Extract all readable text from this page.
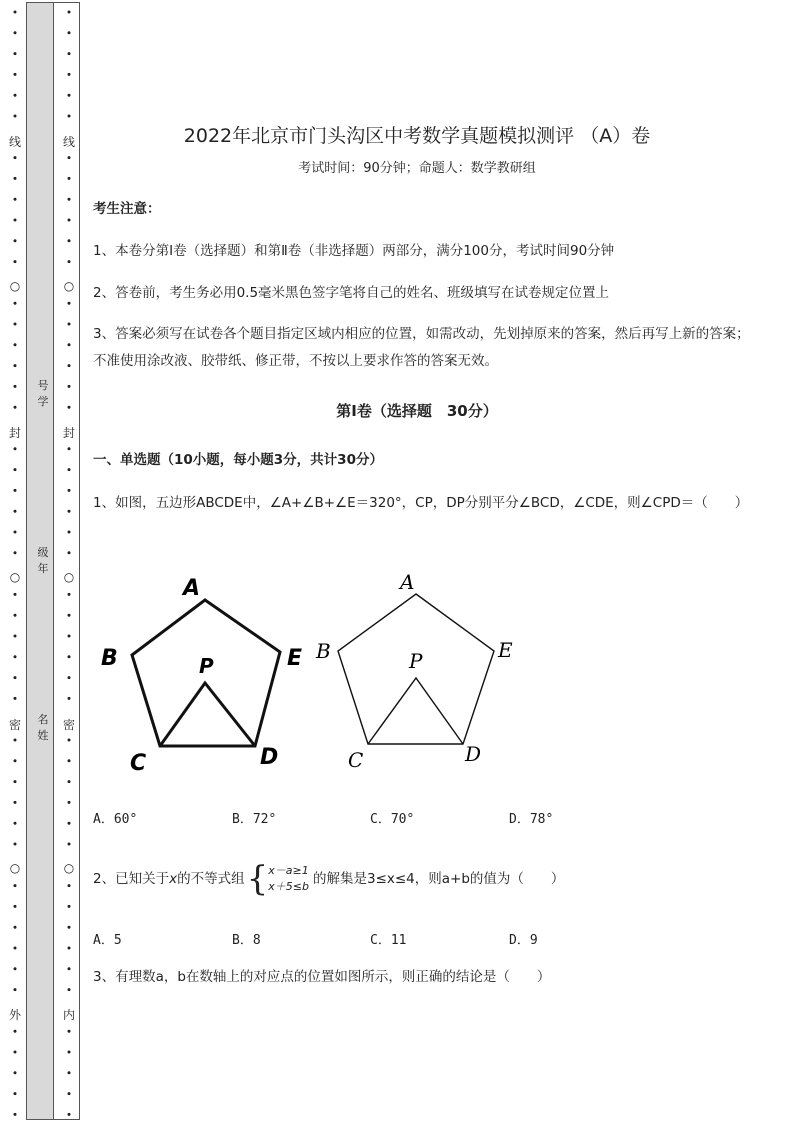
线
○
封
○
密
○
外
线
○
封
○
密
○
内
号学
级年
名姓
2022年北京市门头沟区中考数学真题模拟测评 （A）卷
考试时间：90分钟；命题人：数学教研组
考生注意：
1、本卷分第Ⅰ卷（选择题）和第Ⅱ卷（非选择题）两部分，满分100分，考试时间90分钟
2、答卷前，考生务必用0.5毫米黑色签字笔将自己的姓名、班级填写在试卷规定位置上
3、答案必须写在试卷各个题目指定区域内相应的位置，如需改动，先划掉原来的答案，然后再写上新的答案；不准使用涂改液、胶带纸、修正带，不按以上要求作答的答案无效。
第Ⅰ卷（选择题　30分）
一、单选题（10小题，每小题3分，共计30分）
1、如图，五边形ABCDE中，∠A+∠B+∠E＝320°，CP，DP分别平分∠BCD，∠CDE，则∠CPD＝（　　）
A
B
C	D
E
P
A
B
C	D
E
P
A．60°	B．72°	C．70°	D．78°
2、已知关于x的不等式组{ x－a≥1
x＋5≤b 的解集是3≤x≤4，则a+b的值为（　　）
A．5	B．8	C．11	D．9
3、有理数a，b在数轴上的对应点的位置如图所示，则正确的结论是（　　）
